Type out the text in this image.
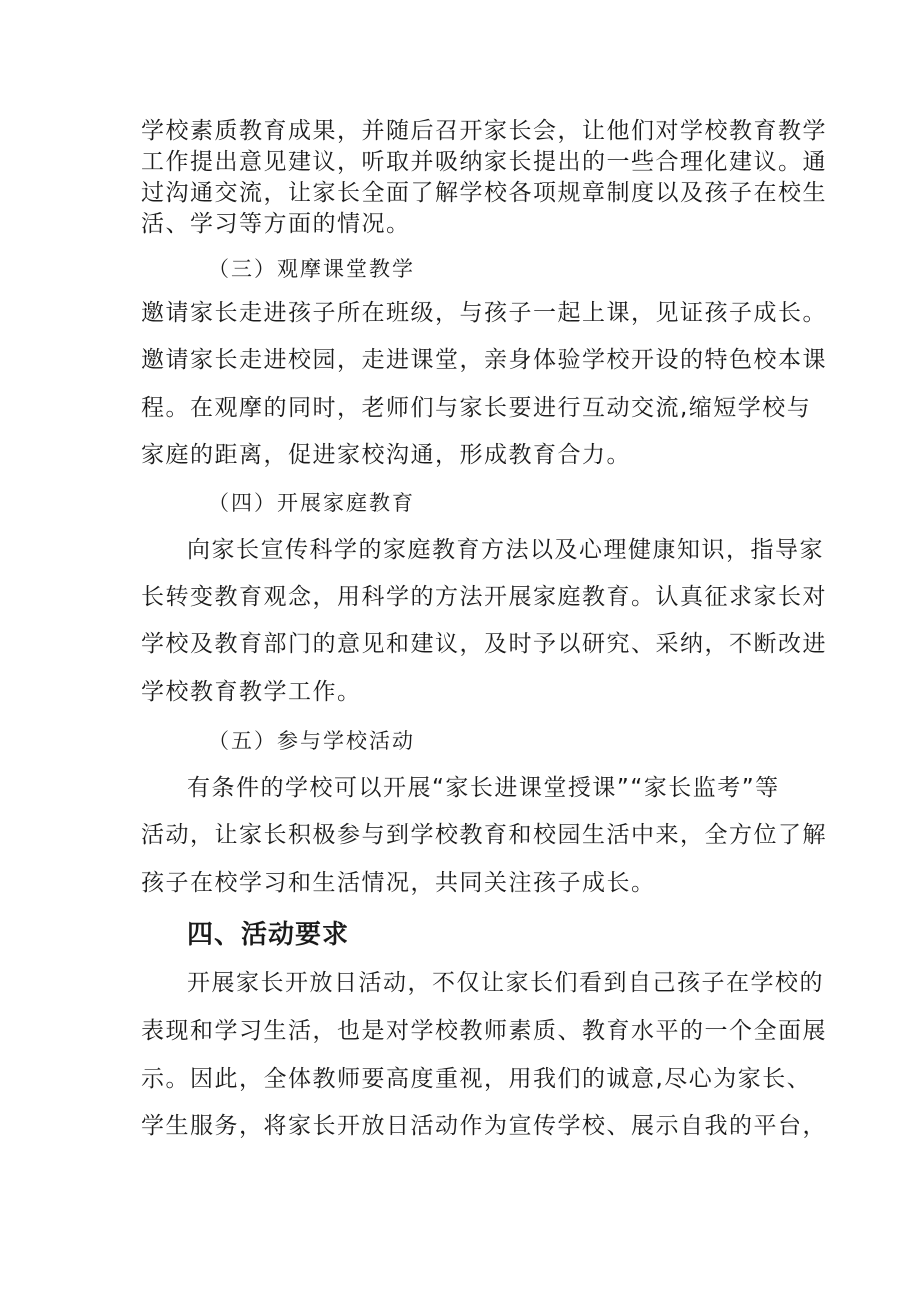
学校素质教育成果，并随后召开家长会，让他们对学校教育教学
工作提出意见建议，听取并吸纳家长提出的一些合理化建议。通
过沟通交流，让家长全面了解学校各项规章制度以及孩子在校生
活、学习等方面的情况。
（三）观摩课堂教学
邀请家长走进孩子所在班级，与孩子一起上课，见证孩子成长。
邀请家长走进校园，走进课堂，亲身体验学校开设的特色校本课
程。在观摩的同时，老师们与家长要进行互动交流,缩短学校与
家庭的距离，促进家校沟通，形成教育合力。
（四）开展家庭教育
向家长宣传科学的家庭教育方法以及心理健康知识，指导家
长转变教育观念，用科学的方法开展家庭教育。认真征求家长对
学校及教育部门的意见和建议，及时予以研究、采纳，不断改进
学校教育教学工作。
（五）参与学校活动
有条件的学校可以开展“家长进课堂授课”“家长监考”等
活动，让家长积极参与到学校教育和校园生活中来，全方位了解
孩子在校学习和生活情况，共同关注孩子成长。
四、活动要求
开展家长开放日活动，不仅让家长们看到自己孩子在学校的
表现和学习生活，也是对学校教师素质、教育水平的一个全面展
示。因此，全体教师要高度重视，用我们的诚意,尽心为家长、
学生服务，将家长开放日活动作为宣传学校、展示自我的平台，
